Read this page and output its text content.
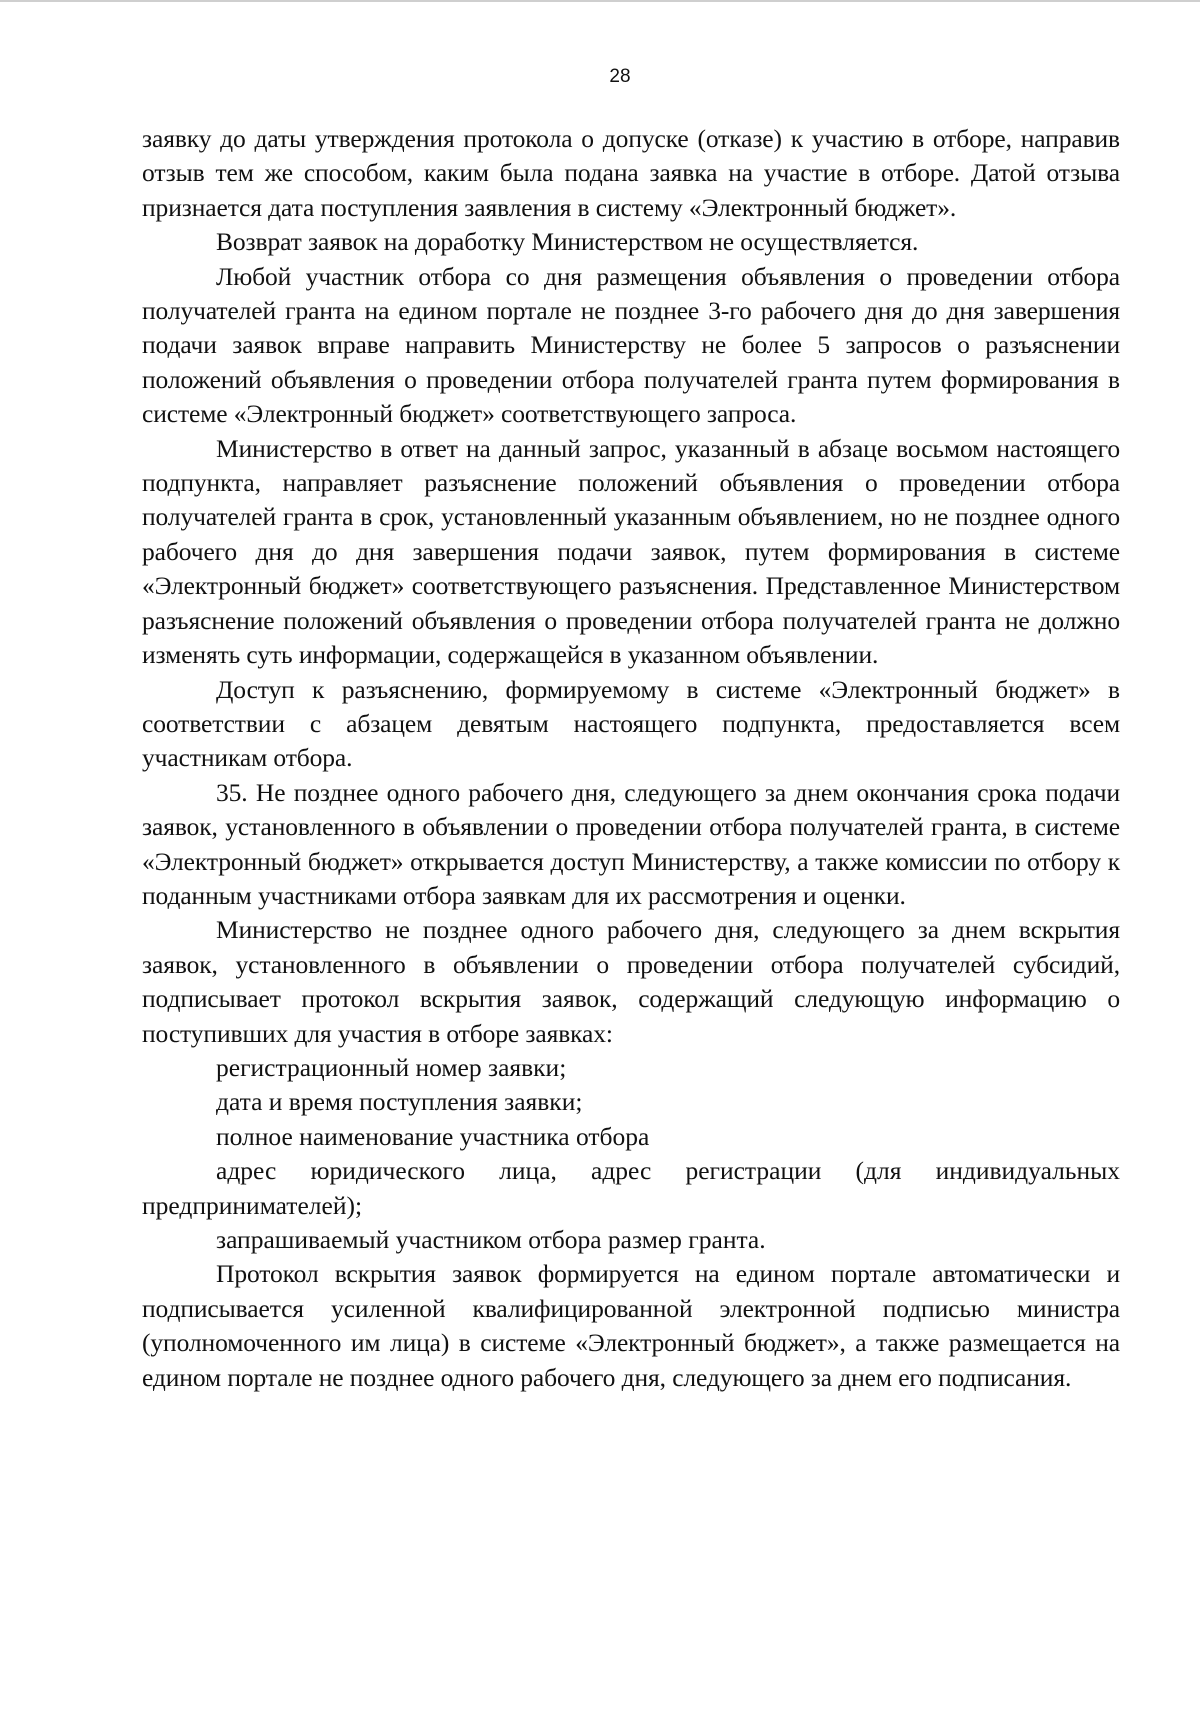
28

заявку до даты утверждения протокола о допуске (отказе) к участию в отборе, направив отзыв тем же способом, каким была подана заявка на участие в отборе. Датой отзыва признается дата поступления заявления в систему «Электронный бюджет».

Возврат заявок на доработку Министерством не осуществляется.

Любой участник отбора со дня размещения объявления о проведении отбора получателей гранта на едином портале не позднее 3-го рабочего дня до дня завершения подачи заявок вправе направить Министерству не более 5 запросов о разъяснении положений объявления о проведении отбора получателей гранта путем формирования в системе «Электронный бюджет» соответствующего запроса.

Министерство в ответ на данный запрос, указанный в абзаце восьмом настоящего подпункта, направляет разъяснение положений объявления о проведении отбора получателей гранта в срок, установленный указанным объявлением, но не позднее одного рабочего дня до дня завершения подачи заявок, путем формирования в системе «Электронный бюджет» соответствующего разъяснения. Представленное Министерством разъяснение положений объявления о проведении отбора получателей гранта не должно изменять суть информации, содержащейся в указанном объявлении.

Доступ к разъяснению, формируемому в системе «Электронный бюджет» в соответствии с абзацем девятым настоящего подпункта, предоставляется всем участникам отбора.

35. Не позднее одного рабочего дня, следующего за днем окончания срока подачи заявок, установленного в объявлении о проведении отбора получателей гранта, в системе «Электронный бюджет» открывается доступ Министерству, а также комиссии по отбору к поданным участниками отбора заявкам для их рассмотрения и оценки.

Министерство не позднее одного рабочего дня, следующего за днем вскрытия заявок, установленного в объявлении о проведении отбора получателей субсидий, подписывает протокол вскрытия заявок, содержащий следующую информацию о поступивших для участия в отборе заявках:

регистрационный номер заявки;

дата и время поступления заявки;

полное наименование участника отбора

адрес юридического лица, адрес регистрации (для индивидуальных предпринимателей);

запрашиваемый участником отбора размер гранта.

Протокол вскрытия заявок формируется на едином портале автоматически и подписывается усиленной квалифицированной электронной подписью министра (уполномоченного им лица) в системе «Электронный бюджет», а также размещается на едином портале не позднее одного рабочего дня, следующего за днем его подписания.
